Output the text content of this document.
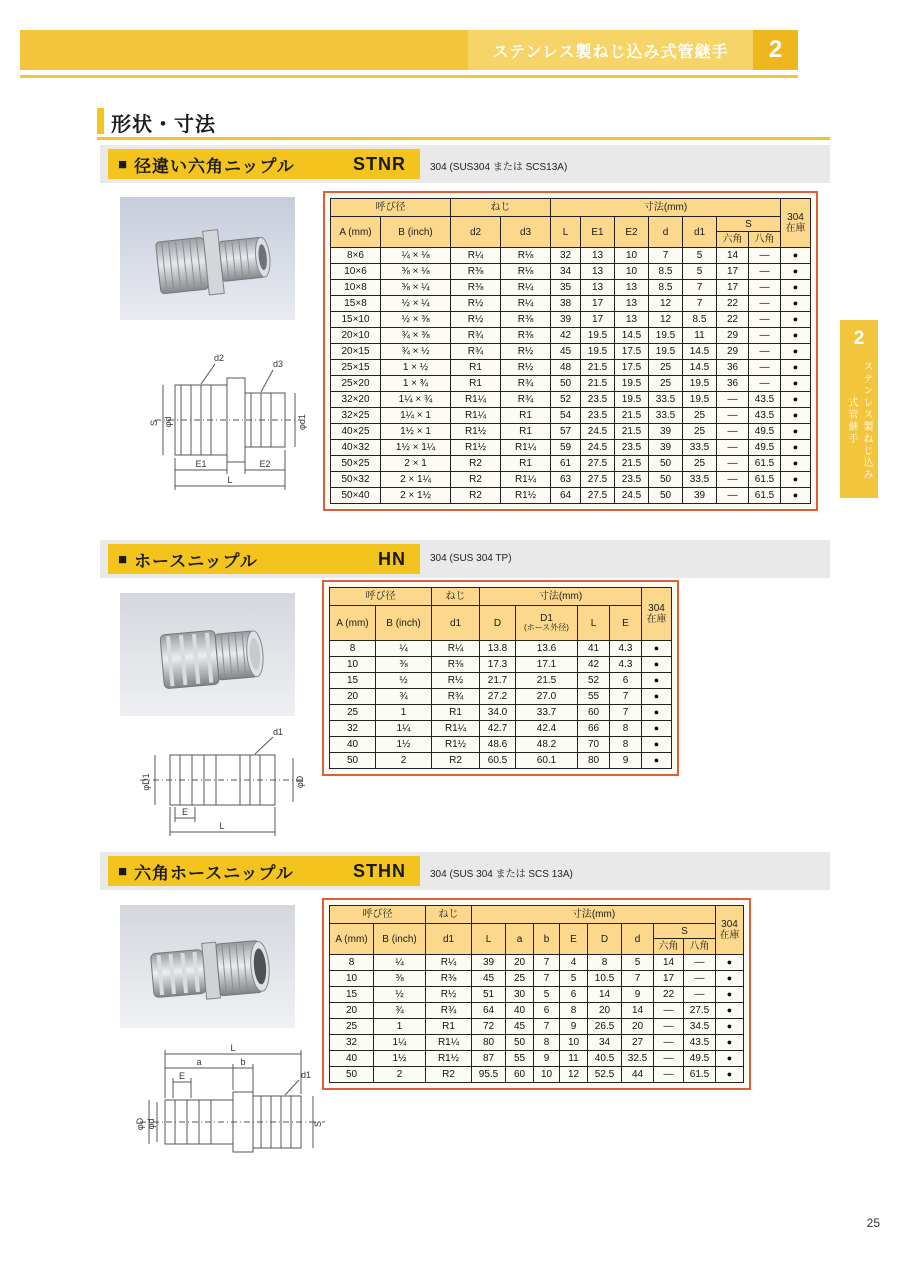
ステンレス製ねじ込み式管継手	2
2
ステンレス製ねじ込み式管継手
形状・寸法
■ 径違い六角ニップル	STNR 304 (SUS304 または SCS13A)
S φd	φd1
E1	E2
L
d2
d3
呼び径		ねじ		寸法(mm)							304
在庫

A (mm)	B (inch)	d2	d3	L	E1	E2	d	d1	S		
									六角	八角	
8×6	¼ × ⅛	R¼	R⅛	32	13	10	7	5	14	—	●
10×6	⅜ × ⅛	R⅜	R⅛	34	13	10	8.5	5	17	—	●
10×8	⅜ × ¼	R⅜	R¼	35	13	13	8.5	7	17	—	●
15×8	½ × ¼	R½	R¼	38	17	13	12	7	22	—	●
15×10	½ × ⅜	R½	R⅜	39	17	13	12	8.5	22	—	●
20×10	¾ × ⅜	R¾	R⅜	42	19.5	14.5	19.5	11	29	—	●
20×15	¾ × ½	R¾	R½	45	19.5	17.5	19.5	14.5	29	—	●
25×15	1 × ½	R1	R½	48	21.5	17.5	25	14.5	36	—	●
25×20	1 × ¾	R1	R¾	50	21.5	19.5	25	19.5	36	—	●
32×20	1¼ × ¾	R1¼	R¾	52	23.5	19.5	33.5	19.5	—	43.5	●
32×25	1¼ × 1	R1¼	R1	54	23.5	21.5	33.5	25	—	43.5	●
40×25	1½ × 1	R1½	R1	57	24.5	21.5	39	25	—	49.5	●
40×32	1½ × 1¼	R1½	R1¼	59	24.5	23.5	39	33.5	—	49.5	●
50×25	2 × 1	R2	R1	61	27.5	21.5	50	25	—	61.5	●
50×32	2 × 1¼	R2	R1¼	63	27.5	23.5	50	33.5	—	61.5	●
50×40	2 × 1½	R2	R1½	64	27.5	24.5	50	39	—	61.5	●
■ ホースニップル	HN 304 (SUS 304 TP)
φD1	φD
E
L
d1
呼び径		ねじ	寸法(mm)				304
在庫

A (mm)	B (inch)	d1	D	D1
(ホース外径)	L	E	
8	¼	R¼	13.8	13.6	41	4.3	●
10	⅜	R⅜	17.3	17.1	42	4.3	●
15	½	R½	21.7	21.5	52	6	●
20	¾	R¾	27.2	27.0	55	7	●
25	1	R1	34.0	33.7	60	7	●
32	1¼	R1¼	42.7	42.4	66	8	●
40	1½	R1½	48.6	48.2	70	8	●
50	2	R2	60.5	60.1	80	9	●
■ 六角ホースニップル	STHN 304 (SUS 304 または SCS 13A)
L
a	b
E	d1
φD φd	S
呼び径		ねじ	寸法(mm)								304
在庫

A (mm)	B (inch)	d1	L	a	b	E	D	d	S		
									六角	八角	
8	¼	R¼	39	20	7	4	8	5	14	—	●
10	⅜	R⅜	45	25	7	5	10.5	7	17	—	●
15	½	R½	51	30	5	6	14	9	22	—	●
20	¾	R¾	64	40	6	8	20	14	—	27.5	●
25	1	R1	72	45	7	9	26.5	20	—	34.5	●
32	1¼	R1¼	80	50	8	10	34	27	—	43.5	●
40	1½	R1½	87	55	9	11	40.5	32.5	—	49.5	●
50	2	R2	95.5	60	10	12	52.5	44	—	61.5	●
25
